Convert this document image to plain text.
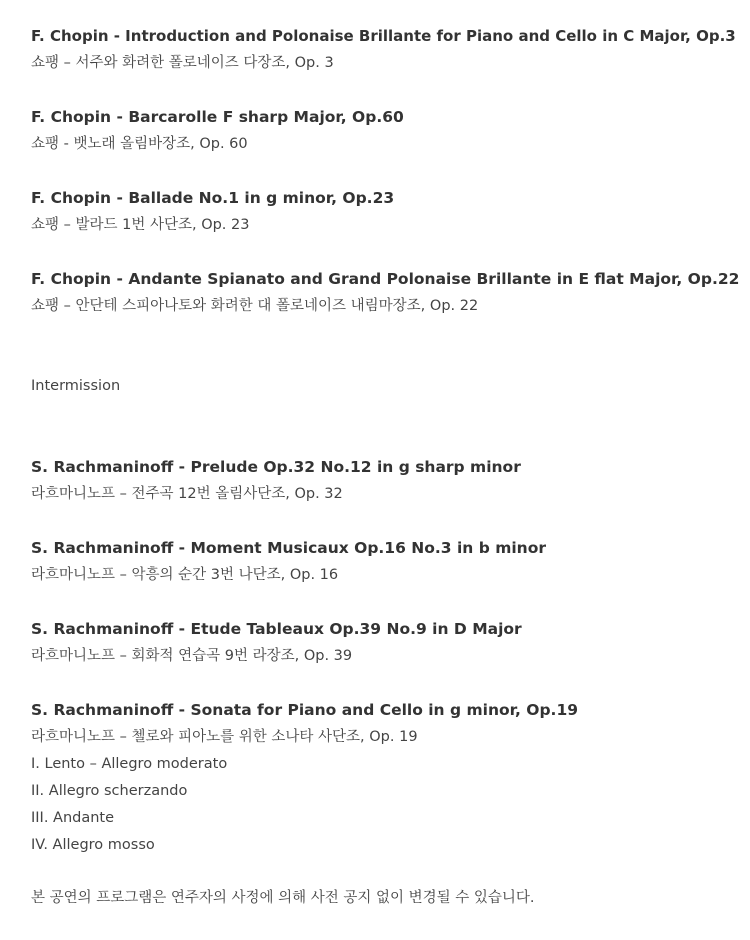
F. Chopin - Introduction and Polonaise Brillante for Piano and Cello in C Major, Op.3

쇼팽 – 서주와 화려한 폴로네이즈 다장조, Op. 3

F. Chopin - Barcarolle F sharp Major, Op.60

쇼팽 - 뱃노래 올림바장조, Op. 60

F. Chopin - Ballade No.1 in g minor, Op.23

쇼팽 – 발라드 1번 사단조, Op. 23

F. Chopin - Andante Spianato and Grand Polonaise Brillante in E flat Major, Op.22

쇼팽 – 안단테 스피아나토와 화려한 대 폴로네이즈 내림마장조, Op. 22

Intermission

S. Rachmaninoff - Prelude Op.32 No.12 in g sharp minor

라흐마니노프 – 전주곡 12번 올림사단조, Op. 32

S. Rachmaninoff - Moment Musicaux Op.16 No.3 in b minor

라흐마니노프 – 악흥의 순간 3번 나단조, Op. 16

S. Rachmaninoff - Etude Tableaux Op.39 No.9 in D Major

라흐마니노프 – 회화적 연습곡 9번 라장조, Op. 39

S. Rachmaninoff - Sonata for Piano and Cello in g minor, Op.19

라흐마니노프 – 첼로와 피아노를 위한 소나타 사단조, Op. 19

I. Lento – Allegro moderato

II. Allegro scherzando

III. Andante

IV. Allegro mosso

본 공연의 프로그램은 연주자의 사정에 의해 사전 공지 없이 변경될 수 있습니다.
